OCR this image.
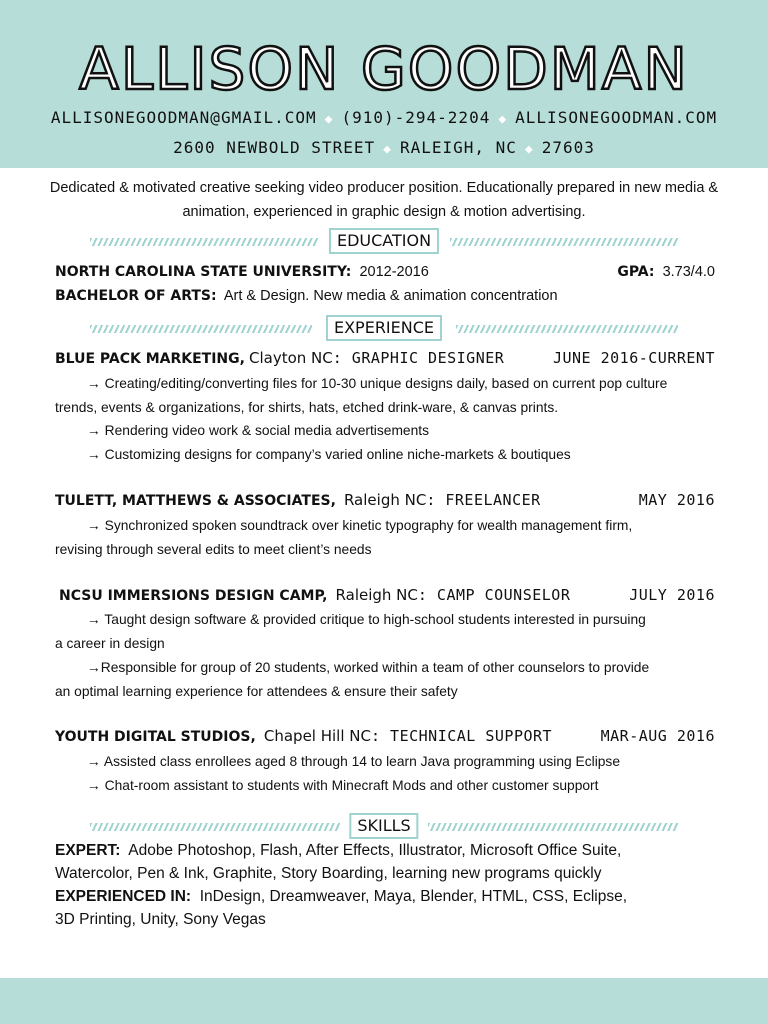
ALLISON GOODMAN
ALLISONEGOODMAN@GMAIL.COM ◆ (910)-294-2204 ◆ ALLISONEGOODMAN.COM
2600 NEWBOLD STREET ◆ RALEIGH, NC ◆ 27603
Dedicated & motivated creative seeking video producer position. Educationally prepared in new media & animation, experienced in graphic design & motion advertising.
EDUCATION
NORTH CAROLINA STATE UNIVERSITY: 2012-2016	GPA: 3.73/4.0
BACHELOR OF ARTS: Art & Design. New media & animation concentration
EXPERIENCE
BLUE PACK MARKETING, Clayton NC: GRAPHIC DESIGNER	JUNE 2016-CURRENT
→ Creating/editing/converting files for 10-30 unique designs daily, based on current pop culture
trends, events & organizations, for shirts, hats, etched drink-ware, & canvas prints.
→ Rendering video work & social media advertisements
→ Customizing designs for company’s varied online niche-markets & boutiques
TULETT, MATTHEWS & ASSOCIATES, Raleigh NC: FREELANCER	MAY 2016
→ Synchronized spoken soundtrack over kinetic typography for wealth management firm,
revising through several edits to meet client’s needs
NCSU IMMERSIONS DESIGN CAMP, Raleigh NC: CAMP COUNSELOR	JULY 2016
→ Taught design software & provided critique to high-school students interested in pursuing
a career in design
→Responsible for group of 20 students, worked within a team of other counselors to provide
an optimal learning experience for attendees & ensure their safety
YOUTH DIGITAL STUDIOS, Chapel Hill NC: TECHNICAL SUPPORT	MAR-AUG 2016
→ Assisted class enrollees aged 8 through 14 to learn Java programming using Eclipse
→ Chat-room assistant to students with Minecraft Mods and other customer support
SKILLS
EXPERT: Adobe Photoshop, Flash, After Effects, Illustrator, Microsoft Office Suite,
Watercolor, Pen & Ink, Graphite, Story Boarding, learning new programs quickly
EXPERIENCED IN: InDesign, Dreamweaver, Maya, Blender, HTML, CSS, Eclipse,
3D Printing, Unity, Sony Vegas
